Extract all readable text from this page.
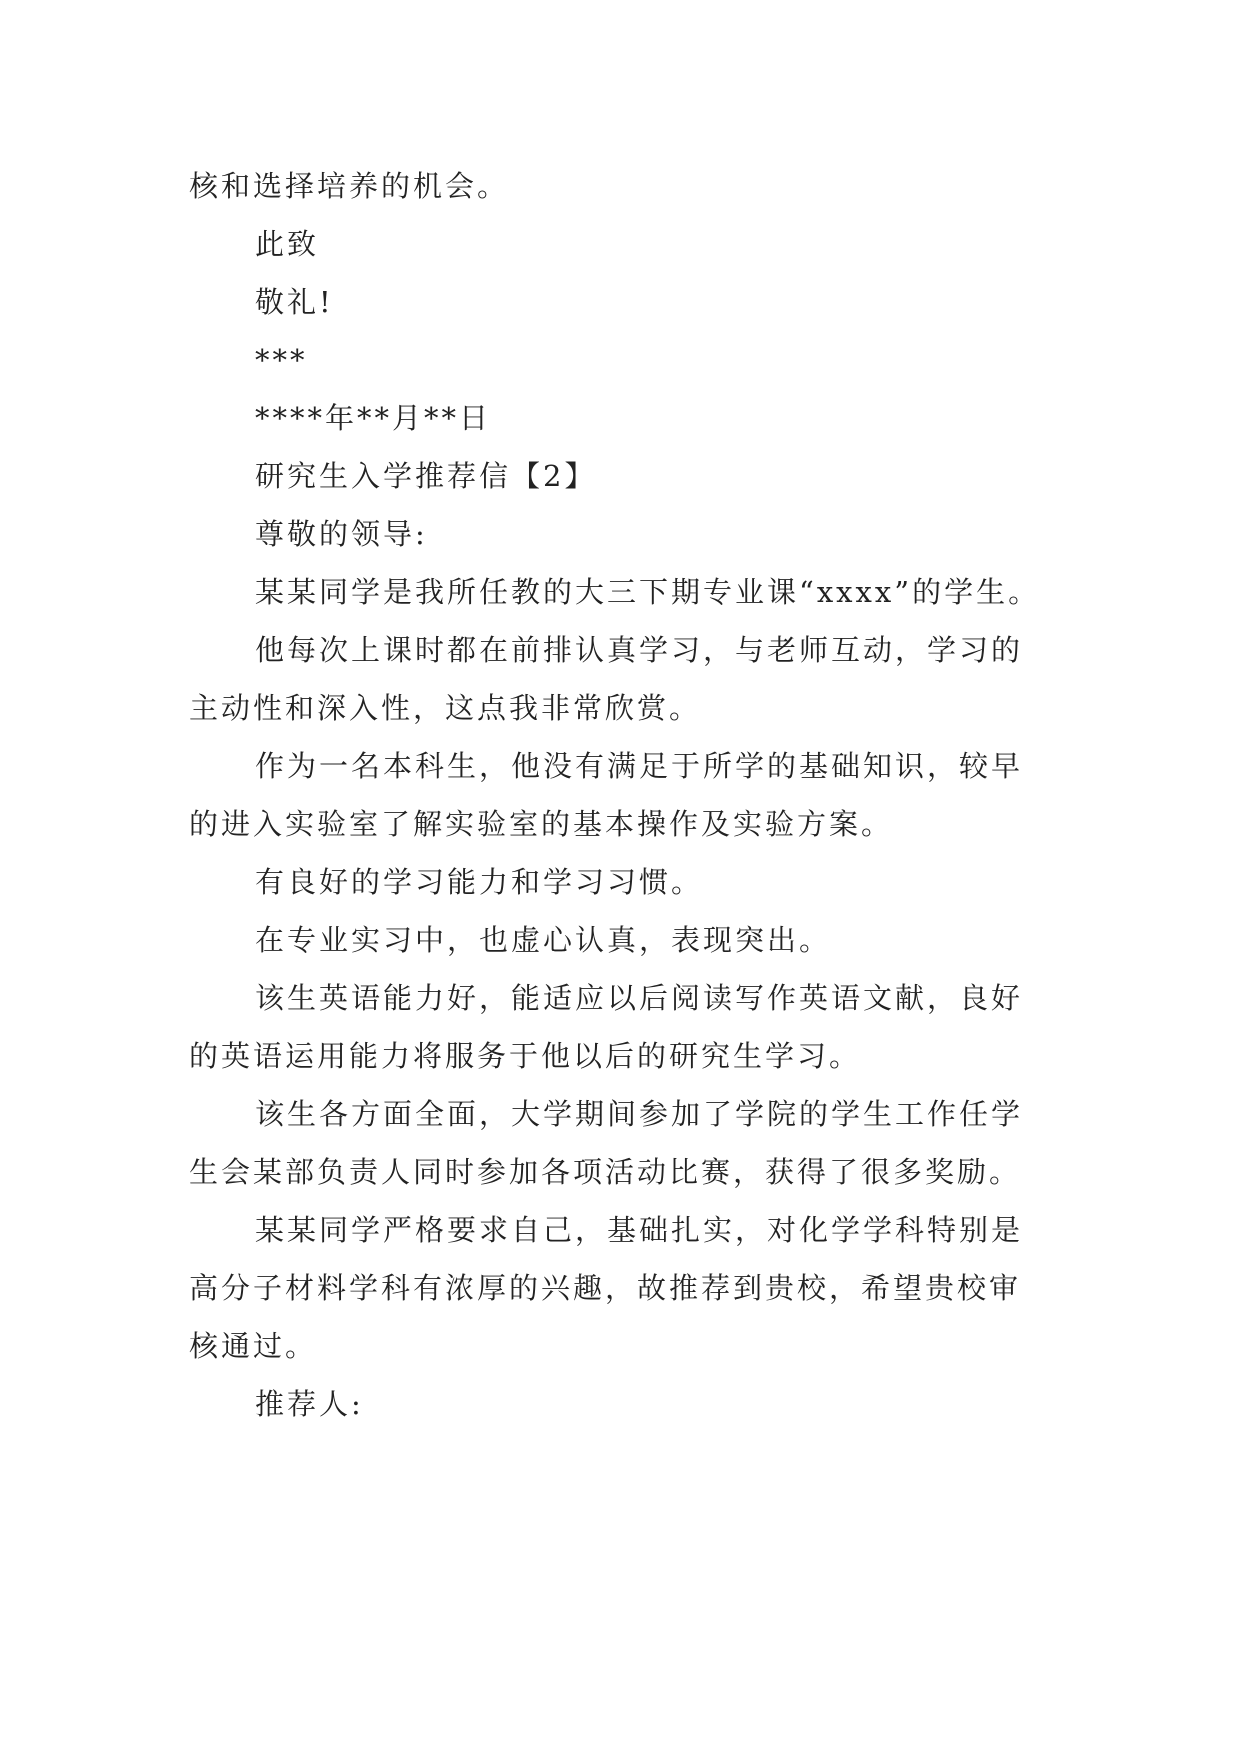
核和选择培养的机会。
此致
敬礼!
***
****年**月**日
研究生入学推荐信【2】
尊敬的领导:
某某同学是我所任教的大三下期专业课“xxxx”的学生。
他每次上课时都在前排认真学习，与老师互动，学习的
主动性和深入性，这点我非常欣赏。
作为一名本科生，他没有满足于所学的基础知识，较早
的进入实验室了解实验室的基本操作及实验方案。
有良好的学习能力和学习习惯。
在专业实习中，也虚心认真，表现突出。
该生英语能力好，能适应以后阅读写作英语文献，良好
的英语运用能力将服务于他以后的研究生学习。
该生各方面全面，大学期间参加了学院的学生工作任学
生会某部负责人同时参加各项活动比赛，获得了很多奖励。
某某同学严格要求自己，基础扎实，对化学学科特别是
高分子材料学科有浓厚的兴趣，故推荐到贵校，希望贵校审
核通过。
推荐人:
